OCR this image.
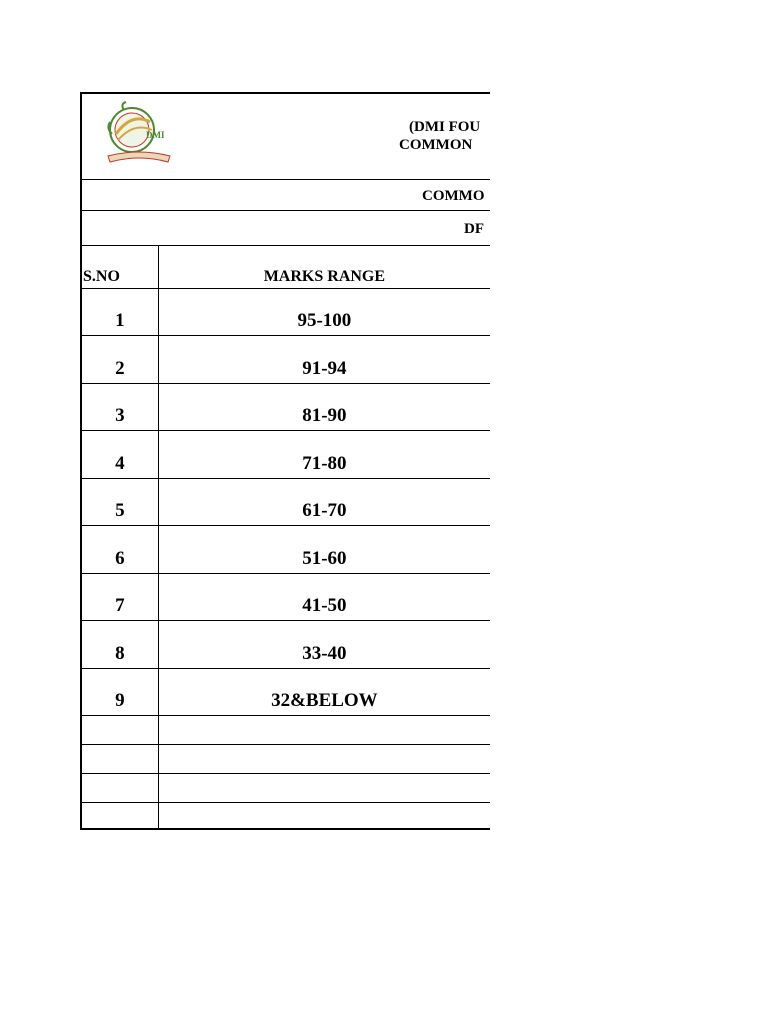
DMI	(DMI FOU
COMMON
COMMO
DF
S.NO	MARKS RANGE
1	95-100
2	91-94
3	81-90
4	71-80
5	61-70
6	51-60
7	41-50
8	33-40
9	32&BELOW
